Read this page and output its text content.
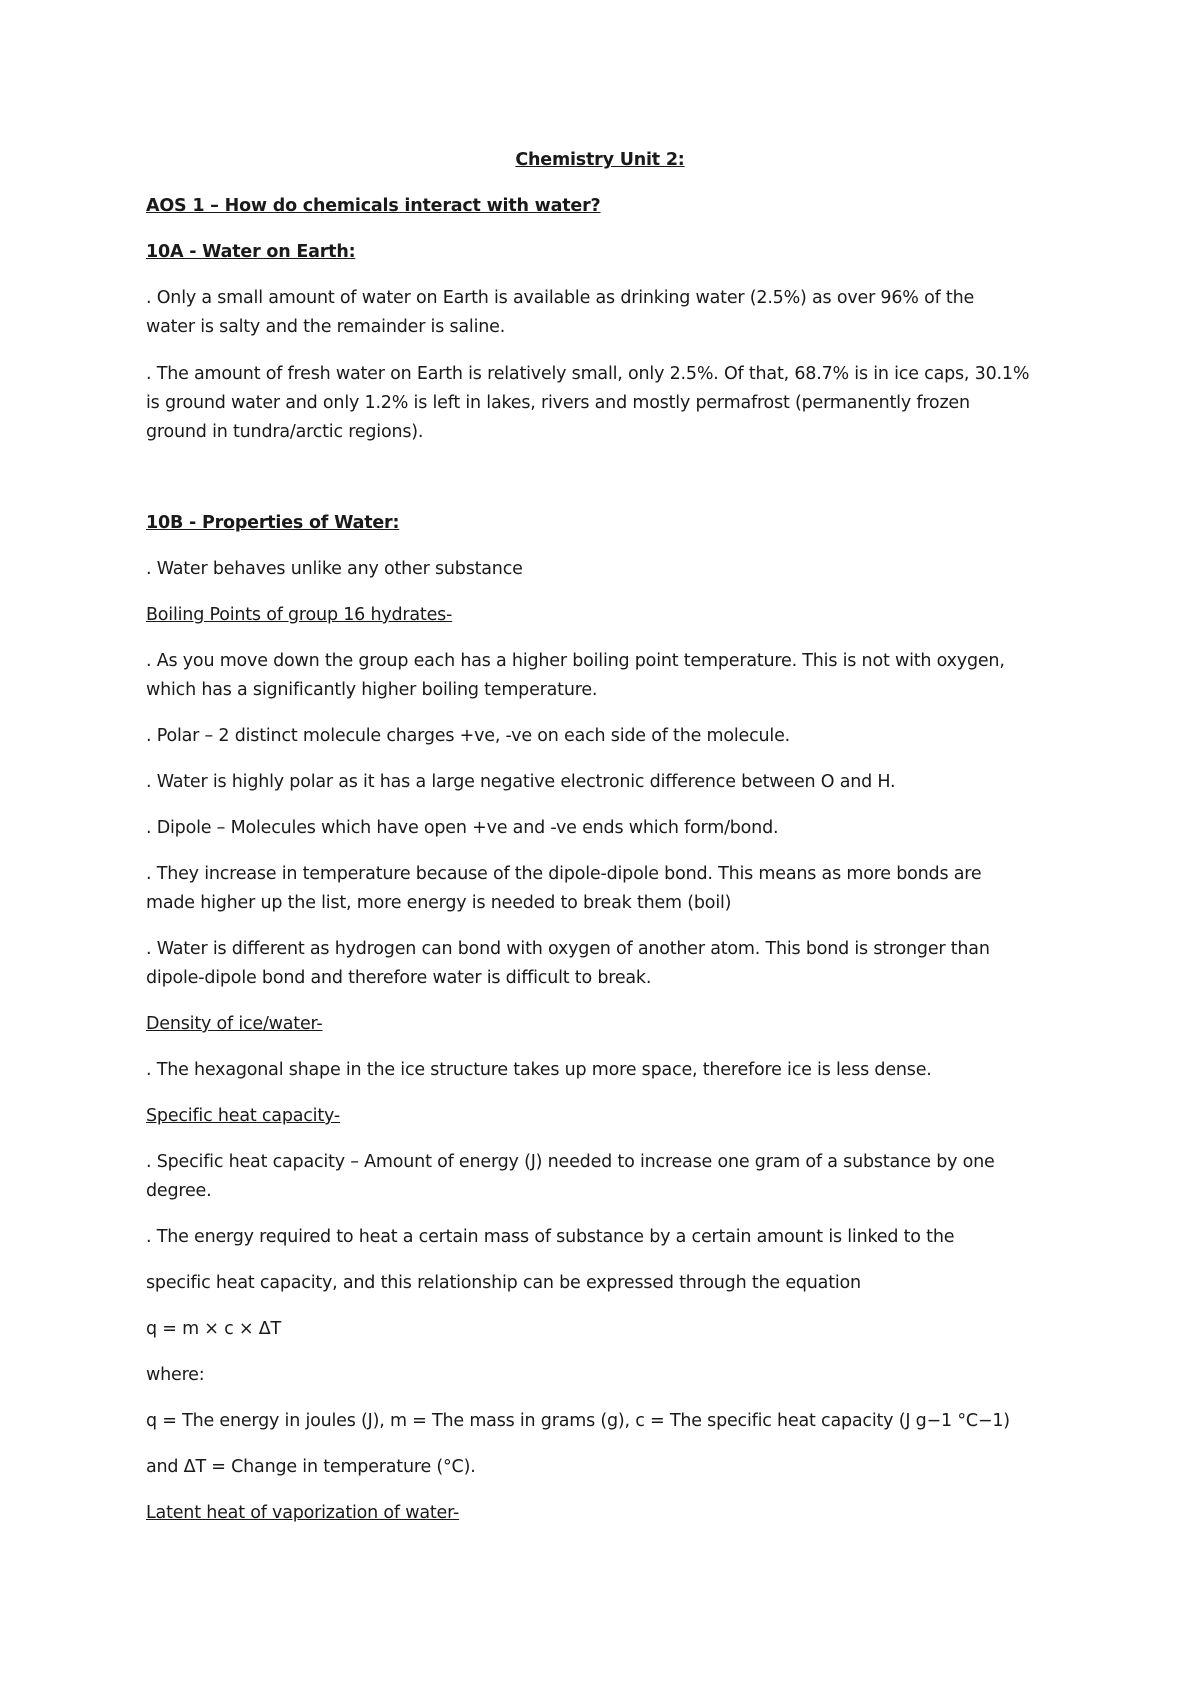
Chemistry Unit 2:
AOS 1 – How do chemicals interact with water?
10A - Water on Earth:
. Only a small amount of water on Earth is available as drinking water (2.5%) as over 96% of the
water is salty and the remainder is saline.
. The amount of fresh water on Earth is relatively small, only 2.5%. Of that, 68.7% is in ice caps, 30.1%
is ground water and only 1.2% is left in lakes, rivers and mostly permafrost (permanently frozen
ground in tundra/arctic regions).
10B - Properties of Water:
. Water behaves unlike any other substance
Boiling Points of group 16 hydrates-
. As you move down the group each has a higher boiling point temperature. This is not with oxygen,
which has a significantly higher boiling temperature.
. Polar – 2 distinct molecule charges +ve, -ve on each side of the molecule.
. Water is highly polar as it has a large negative electronic difference between O and H.
. Dipole – Molecules which have open +ve and -ve ends which form/bond.
. They increase in temperature because of the dipole-dipole bond. This means as more bonds are
made higher up the list, more energy is needed to break them (boil)
. Water is different as hydrogen can bond with oxygen of another atom. This bond is stronger than
dipole-dipole bond and therefore water is difficult to break.
Density of ice/water-
. The hexagonal shape in the ice structure takes up more space, therefore ice is less dense.
Specific heat capacity-
. Specific heat capacity – Amount of energy (J) needed to increase one gram of a substance by one
degree.
. The energy required to heat a certain mass of substance by a certain amount is linked to the
specific heat capacity, and this relationship can be expressed through the equation
q = m × c × ΔT
where:
q = The energy in joules (J), m = The mass in grams (g), c = The specific heat capacity (J g−1 °C−1)
and ΔT = Change in temperature (°C).
Latent heat of vaporization of water-
